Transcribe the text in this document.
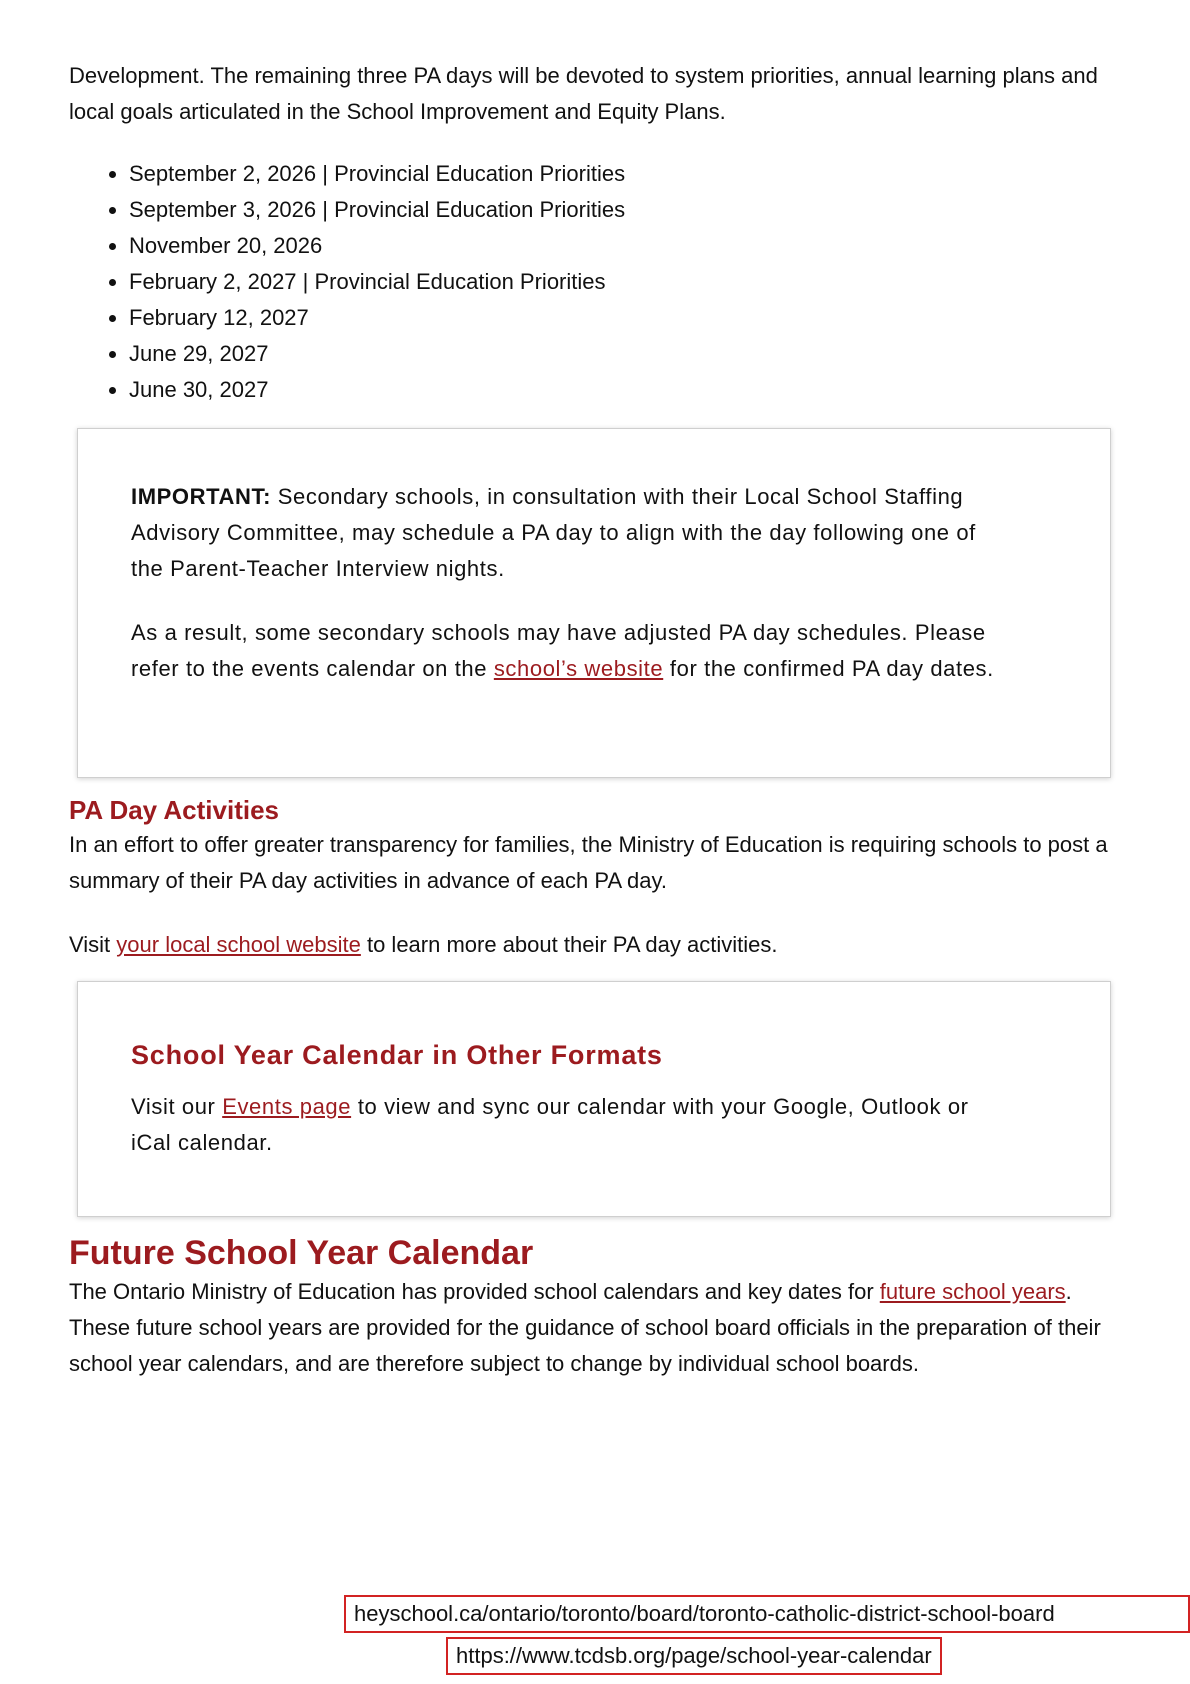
Development. The remaining three PA days will be devoted to system priorities, annual learning plans and local goals articulated in the School Improvement and Equity Plans.

• September 2, 2026 | Provincial Education Priorities
• September 3, 2026 | Provincial Education Priorities
• November 20, 2026
• February 2, 2027 | Provincial Education Priorities
• February 12, 2027
• June 29, 2027
• June 30, 2027

IMPORTANT: Secondary schools, in consultation with their Local School Staffing Advisory Committee, may schedule a PA day to align with the day following one of the Parent-Teacher Interview nights.

As a result, some secondary schools may have adjusted PA day schedules. Please refer to the events calendar on the school’s website for the confirmed PA day dates.

PA Day Activities

In an effort to offer greater transparency for families, the Ministry of Education is requiring schools to post a summary of their PA day activities in advance of each PA day.

Visit your local school website to learn more about their PA day activities.

School Year Calendar in Other Formats

Visit our Events page to view and sync our calendar with your Google, Outlook or iCal calendar.

Future School Year Calendar

The Ontario Ministry of Education has provided school calendars and key dates for future school years. These future school years are provided for the guidance of school board officials in the preparation of their school year calendars, and are therefore subject to change by individual school boards.

heyschool.ca/ontario/toronto/board/toronto-catholic-district-school-board
https://www.tcdsb.org/page/school-year-calendar
